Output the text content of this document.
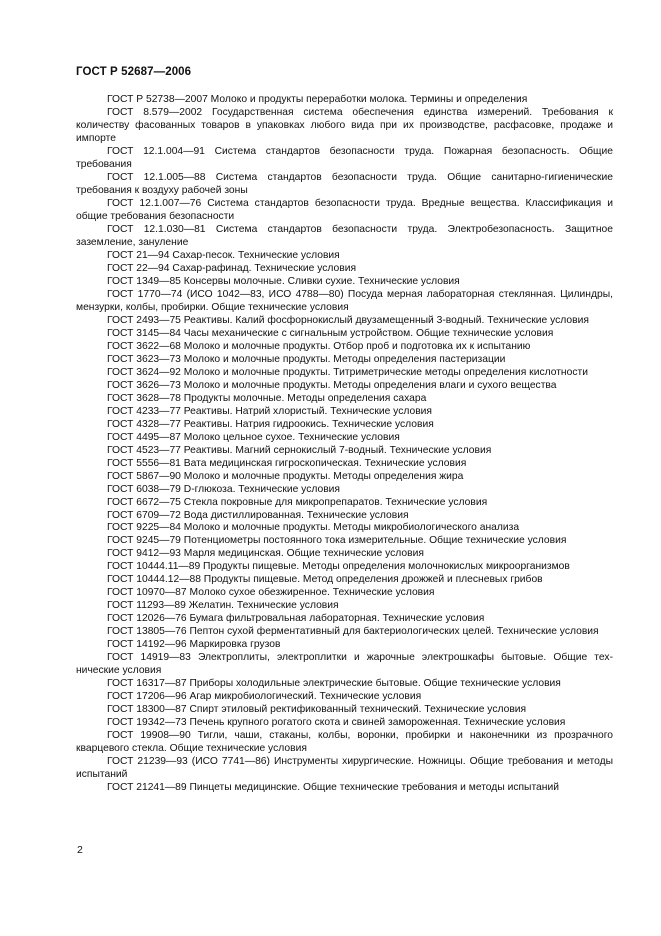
ГОСТ Р 52687—2006

ГОСТ Р 52738—2007 Молоко и продукты переработки молока. Термины и определения

ГОСТ 8.579—2002 Государственная система обеспечения единства измерений. Требования к количеству фасованных товаров в упаковках любого вида при их производстве, расфасовке, продаже и импорте

ГОСТ 12.1.004—91 Система стандартов безопасности труда. Пожарная безопасность. Общие требования

ГОСТ 12.1.005—88 Система стандартов безопасности труда. Общие санитарно-гигиенические требования к воздуху рабочей зоны

ГОСТ 12.1.007—76 Система стандартов безопасности труда. Вредные вещества. Классификация и общие требования безопасности

ГОСТ 12.1.030—81 Система стандартов безопасности труда. Электробезопасность. Защитное заземление, зануление

ГОСТ 21—94 Сахар-песок. Технические условия

ГОСТ 22—94 Сахар-рафинад. Технические условия

ГОСТ 1349—85 Консервы молочные. Сливки сухие. Технические условия

ГОСТ 1770—74 (ИСО 1042—83, ИСО 4788—80) Посуда мерная лабораторная стеклянная. Цилиндры, мензурки, колбы, пробирки. Общие технические условия

ГОСТ 2493—75 Реактивы. Калий фосфорнокислый двузамещенный 3-водный. Технические условия

ГОСТ 3145—84 Часы механические с сигнальным устройством. Общие технические условия

ГОСТ 3622—68 Молоко и молочные продукты. Отбор проб и подготовка их к испытанию

ГОСТ 3623—73 Молоко и молочные продукты. Методы определения пастеризации

ГОСТ 3624—92 Молоко и молочные продукты. Титриметрические методы определения кислотности

ГОСТ 3626—73 Молоко и молочные продукты. Методы определения влаги и сухого вещества

ГОСТ 3628—78 Продукты молочные. Методы определения сахара

ГОСТ 4233—77 Реактивы. Натрий хлористый. Технические условия

ГОСТ 4328—77 Реактивы. Натрия гидроокись. Технические условия

ГОСТ 4495—87 Молоко цельное сухое. Технические условия

ГОСТ 4523—77 Реактивы. Магний сернокислый 7-водный. Технические условия

ГОСТ 5556—81 Вата медицинская гигроскопическая. Технические условия

ГОСТ 5867—90 Молоко и молочные продукты. Методы определения жира

ГОСТ 6038—79 D-глюкоза. Технические условия

ГОСТ 6672—75 Стекла покровные для микропрепаратов. Технические условия

ГОСТ 6709—72 Вода дистиллированная. Технические условия

ГОСТ 9225—84 Молоко и молочные продукты. Методы микробиологического анализа

ГОСТ 9245—79 Потенциометры постоянного тока измерительные. Общие технические условия

ГОСТ 9412—93 Марля медицинская. Общие технические условия

ГОСТ 10444.11—89 Продукты пищевые. Методы определения молочнокислых микроорганизмов

ГОСТ 10444.12—88 Продукты пищевые. Метод определения дрожжей и плесневых грибов

ГОСТ 10970—87 Молоко сухое обезжиренное. Технические условия

ГОСТ 11293—89 Желатин. Технические условия

ГОСТ 12026—76 Бумага фильтровальная лабораторная. Технические условия

ГОСТ 13805—76 Пептон сухой ферментативный для бактериологических целей. Технические условия

ГОСТ 14192—96 Маркировка грузов

ГОСТ 14919—83 Электроплиты, электроплитки и жарочные электрошкафы бытовые. Общие технические условия

ГОСТ 16317—87 Приборы холодильные электрические бытовые. Общие технические условия

ГОСТ 17206—96 Агар микробиологический. Технические условия

ГОСТ 18300—87 Спирт этиловый ректификованный технический. Технические условия

ГОСТ 19342—73 Печень крупного рогатого скота и свиней замороженная. Технические условия

ГОСТ 19908—90 Тигли, чаши, стаканы, колбы, воронки, пробирки и наконечники из прозрачного кварцевого стекла. Общие технические условия

ГОСТ 21239—93 (ИСО 7741—86) Инструменты хирургические. Ножницы. Общие требования и методы испытаний

ГОСТ 21241—89 Пинцеты медицинские. Общие технические требования и методы испытаний

2
